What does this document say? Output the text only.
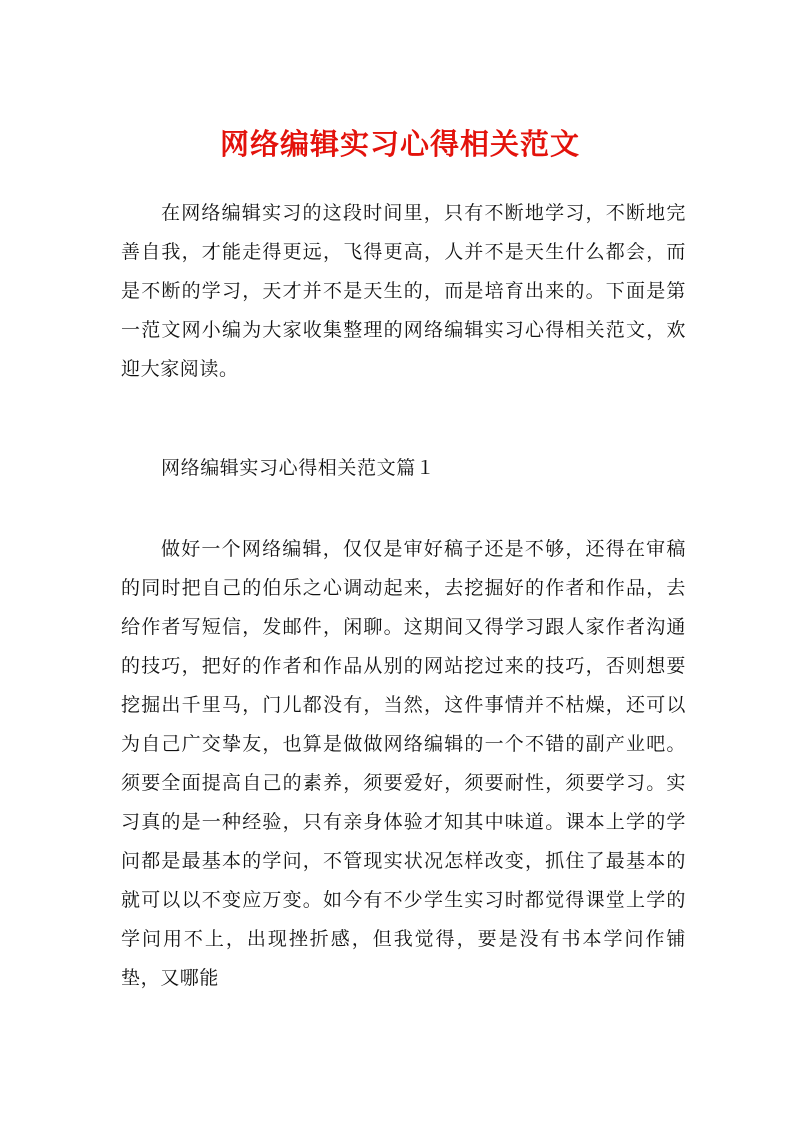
网络编辑实习心得相关范文
在网络编辑实习的这段时间里，只有不断地学习，不断地完善自我，才能走得更远，飞得更高，人并不是天生什么都会，而是不断的学习，天才并不是天生的，而是培育出来的。下面是第一范文网小编为大家收集整理的网络编辑实习心得相关范文，欢迎大家阅读。
网络编辑实习心得相关范文篇１
做好一个网络编辑，仅仅是审好稿子还是不够，还得在审稿的同时把自己的伯乐之心调动起来，去挖掘好的作者和作品，去给作者写短信，发邮件，闲聊。这期间又得学习跟人家作者沟通的技巧，把好的作者和作品从别的网站挖过来的技巧，否则想要挖掘出千里马，门儿都没有，当然，这件事情并不枯燥，还可以为自己广交挚友，也算是做做网络编辑的一个不错的副产业吧。须要全面提高自己的素养，须要爱好，须要耐性，须要学习。实习真的是一种经验，只有亲身体验才知其中味道。课本上学的学问都是最基本的学问，不管现实状况怎样改变，抓住了最基本的就可以以不变应万变。如今有不少学生实习时都觉得课堂上学的学问用不上，出现挫折感，但我觉得，要是没有书本学问作铺垫，又哪能
